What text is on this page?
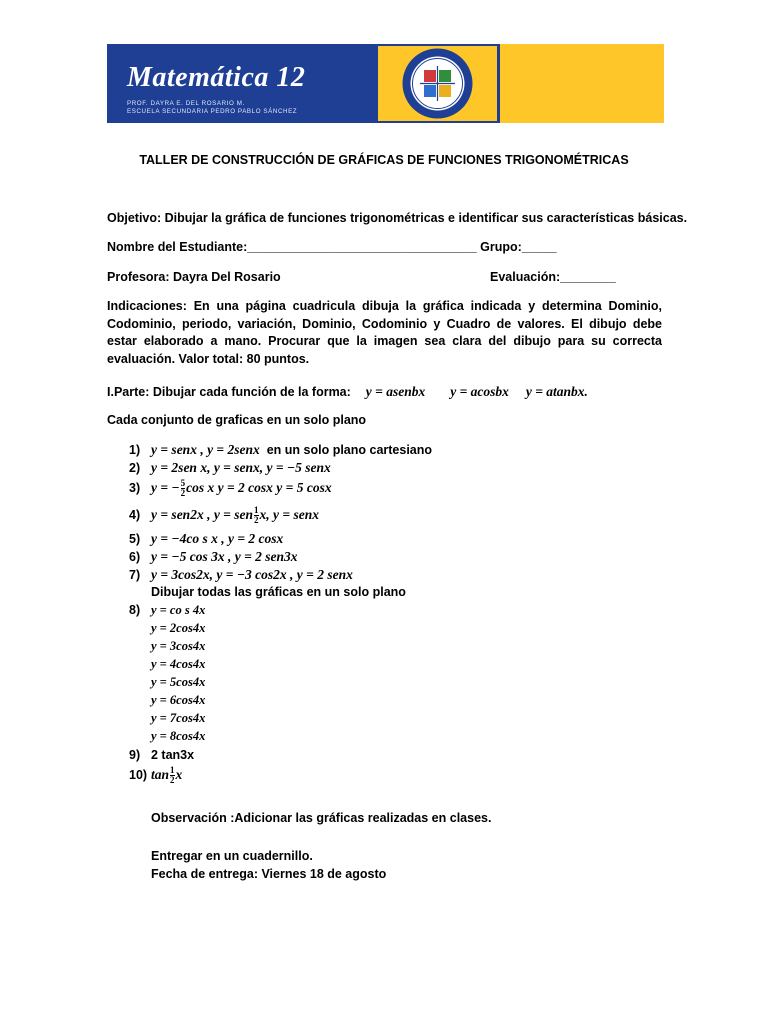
Matemática 12
PROF. DAYRA E. DEL ROSARIO M.
ESCUELA SECUNDARIA PEDRO PABLO SÁNCHEZ
TALLER DE CONSTRUCCIÓN DE GRÁFICAS DE FUNCIONES TRIGONOMÉTRICAS
Objetivo: Dibujar la gráfica de funciones trigonométricas e identificar sus características básicas.
Nombre del Estudiante:_________________________________ Grupo:_____
Profesora: Dayra Del Rosario	Evaluación:________
Indicaciones: En una página cuadricula dibuja la gráfica indicada y determina Dominio, Codominio, periodo, variación, Dominio, Codominio y Cuadro de valores. El dibujo debe estar elaborado a mano. Procurar que la imagen sea clara del dibujo para su correcta evaluación. Valor total: 80 puntos.
I.Parte: Dibujar cada función de la forma: y = asenbx y = acosbx y = atanbx.
Cada conjunto de graficas en un solo plano
1) y = senx , y = 2senx en un solo plano cartesiano
2) y = 2sen x, y = senx, y = −5 senx
3) y = − $\frac{5}{2}$ cos x y = 2 cosx y = 5 cosx
4) y = sen2x , y = sen $\frac{1}{2} x$, y = senx
5) y = −4co s x , y = 2 cosx
6) y = −5 cos 3x , y = 2 sen3x
7) y = 3cos2x, y = −3 cos2x , y = 2 senx
Dibujar todas las gráficas en un solo plano
8) y = co s 4x
y = 2cos4x
y = 3cos4x
y = 4cos4x
y = 5cos4x
y = 6cos4x
y = 7cos4x
y = 8cos4x
9) 2 tan3x
10) $\tan \frac{1}{2}$ x
Observación :Adicionar las gráficas realizadas en clases.
Entregar en un cuadernillo.
Fecha de entrega: Viernes 18 de agosto
